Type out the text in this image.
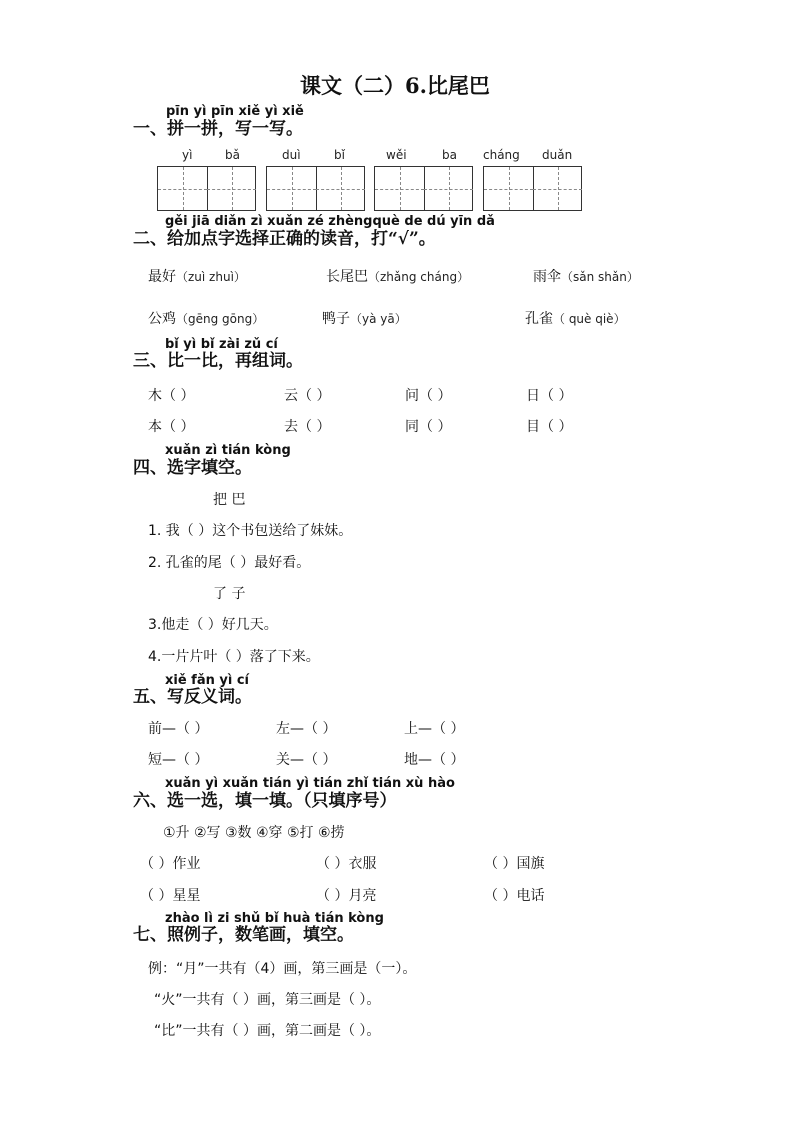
课文（二）6.比尾巴
pīn yì pīn xiě yì xiě
一、拼一拼，写一写。
yì	bǎ	duì	bǐ	wěi	ba cháng duǎn
gěi jiā diǎn zì xuǎn zé zhèngquè de dú yīn dǎ
二、给加点字选择正确的读音，打“√”。
最好（zuì zhuì）	长尾巴（zhǎng cháng）	雨伞（sǎn shǎn）
公鸡（gēng gōng）	鸭子（yà yā）	孔雀（ què qiè）
bǐ yì bǐ zài zǔ cí
三、比一比，再组词。
木（ ）	云（ ）	问（ ）	日（ ）
本（ ）	去（ ）	同（ ）	目（ ）
xuǎn zì tián kòng
四、选字填空。
把 巴
1. 我（ ）这个书包送给了妹妹。
2. 孔雀的尾（ ）最好看。
了 子
3.他走（ ）好几天。
4.一片片叶（ ）落了下来。
xiě fǎn yì cí
五、写反义词。
前—（ ）	左—（ ）	上—（ ）
短—（ ）	关—（ ）	地—（ ）
xuǎn yì xuǎn tián yì tián zhǐ tián xù hào
六、选一选，填一填。（只填序号）
①升 ②写 ③数 ④穿 ⑤打 ⑥捞
（ ）作业	（ ）衣服	（ ）国旗
（ ）星星	（ ）月亮	（ ）电话
zhào lì zi shǔ bǐ huà tián kòng
七、照例子，数笔画，填空。
例：“月”一共有（4）画，第三画是（一）。
“火”一共有（ ）画，第三画是（ ）。
“比”一共有（ ）画，第二画是（ ）。
